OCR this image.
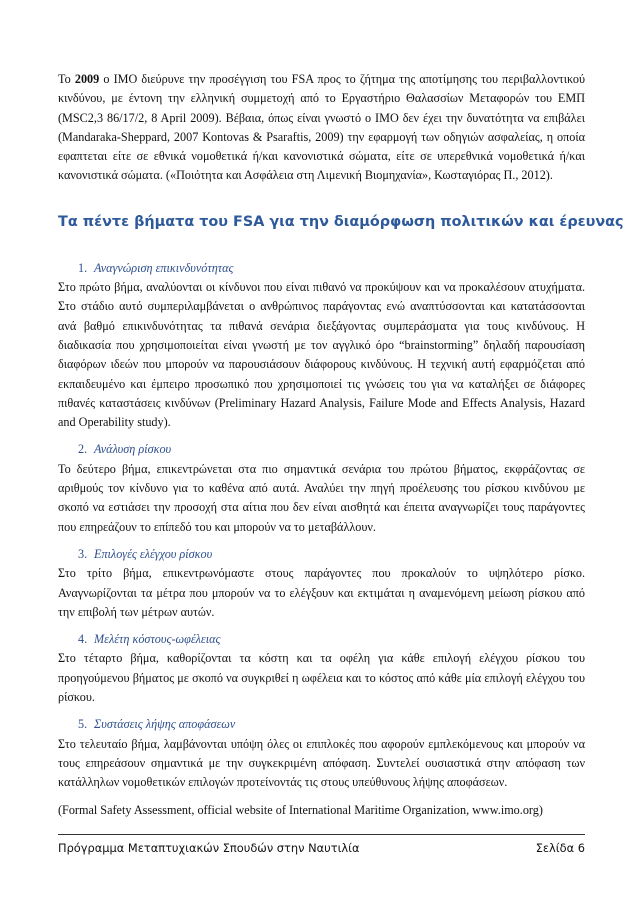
Το 2009 ο IMO διεύρυνε την προσέγγιση του FSA προς το ζήτημα της αποτίμησης του περιβαλλοντικού κινδύνου, με έντονη την ελληνική συμμετοχή από το Εργαστήριο Θαλασσίων Μεταφορών του ΕΜΠ (MSC2,3 86/17/2, 8 April 2009). Βέβαια, όπως είναι γνωστό ο IMO δεν έχει την δυνατότητα να επιβάλει (Mandaraka-Sheppard, 2007 Kontovas & Psaraftis, 2009) την εφαρμογή των οδηγιών ασφαλείας, η οποία εφαπτεται είτε σε εθνικά νομοθετικά ή/και κανονιστικά σώματα, είτε σε υπερεθνικά νομοθετικά ή/και κανονιστικά σώματα. («Ποιότητα και Ασφάλεια στη Λιμενική Βιομηχανία», Κωσταγιόρας Π., 2012).

Τα πέντε βήματα του FSA για την διαμόρφωση πολιτικών και έρευνας

1. Αναγνώριση επικινδυνότητας

Στο πρώτο βήμα, αναλύονται οι κίνδυνοι που είναι πιθανό να προκύψουν και να προκαλέσουν ατυχήματα. Στο στάδιο αυτό συμπεριλαμβάνεται ο ανθρώπινος παράγοντας ενώ αναπτύσσονται και κατατάσσονται ανά βαθμό επικινδυνότητας τα πιθανά σενάρια διεξάγοντας συμπεράσματα για τους κινδύνους. Η διαδικασία που χρησιμοποιείται είναι γνωστή με τον αγγλικό όρο “brainstorming” δηλαδή παρουσίαση διαφόρων ιδεών που μπορούν να παρουσιάσουν διάφορους κινδύνους. Η τεχνική αυτή εφαρμόζεται από εκπαιδευμένο και έμπειρο προσωπικό που χρησιμοποιεί τις γνώσεις του για να καταλήξει σε διάφορες πιθανές καταστάσεις κινδύνων (Preliminary Hazard Analysis, Failure Mode and Effects Analysis, Hazard and Operability study).

2. Ανάλυση ρίσκου

Το δεύτερο βήμα, επικεντρώνεται στα πιο σημαντικά σενάρια του πρώτου βήματος, εκφράζοντας σε αριθμούς τον κίνδυνο για το καθένα από αυτά. Αναλύει την πηγή προέλευσης του ρίσκου κινδύνου με σκοπό να εστιάσει την προσοχή στα αίτια που δεν είναι αισθητά και έπειτα αναγνωρίζει τους παράγοντες που επηρεάζουν το επίπεδό του και μπορούν να το μεταβάλλουν.

3. Επιλογές ελέγχου ρίσκου

Στο τρίτο βήμα, επικεντρωνόμαστε στους παράγοντες που προκαλούν το υψηλότερο ρίσκο. Αναγνωρίζονται τα μέτρα που μπορούν να το ελέγξουν και εκτιμάται η αναμενόμενη μείωση ρίσκου από την επιβολή των μέτρων αυτών.

4. Μελέτη κόστους-ωφέλειας

Στο τέταρτο βήμα, καθορίζονται τα κόστη και τα οφέλη για κάθε επιλογή ελέγχου ρίσκου του προηγούμενου βήματος με σκοπό να συγκριθεί η ωφέλεια και το κόστος από κάθε μία επιλογή ελέγχου του ρίσκου.

5. Συστάσεις λήψης αποφάσεων

Στο τελευταίο βήμα, λαμβάνονται υπόψη όλες οι επιπλοκές που αφορούν εμπλεκόμενους και μπορούν να τους επηρεάσουν σημαντικά με την συγκεκριμένη απόφαση. Συντελεί ουσιαστικά στην απόφαση των κατάλληλων νομοθετικών επιλογών προτείνοντάς τις στους υπεύθυνους λήψης αποφάσεων.

(Formal Safety Assessment, official website of International Maritime Organization, www.imo.org)

Πρόγραμμα Μεταπτυχιακών Σπουδών στην Ναυτιλία	Σελίδα 6
